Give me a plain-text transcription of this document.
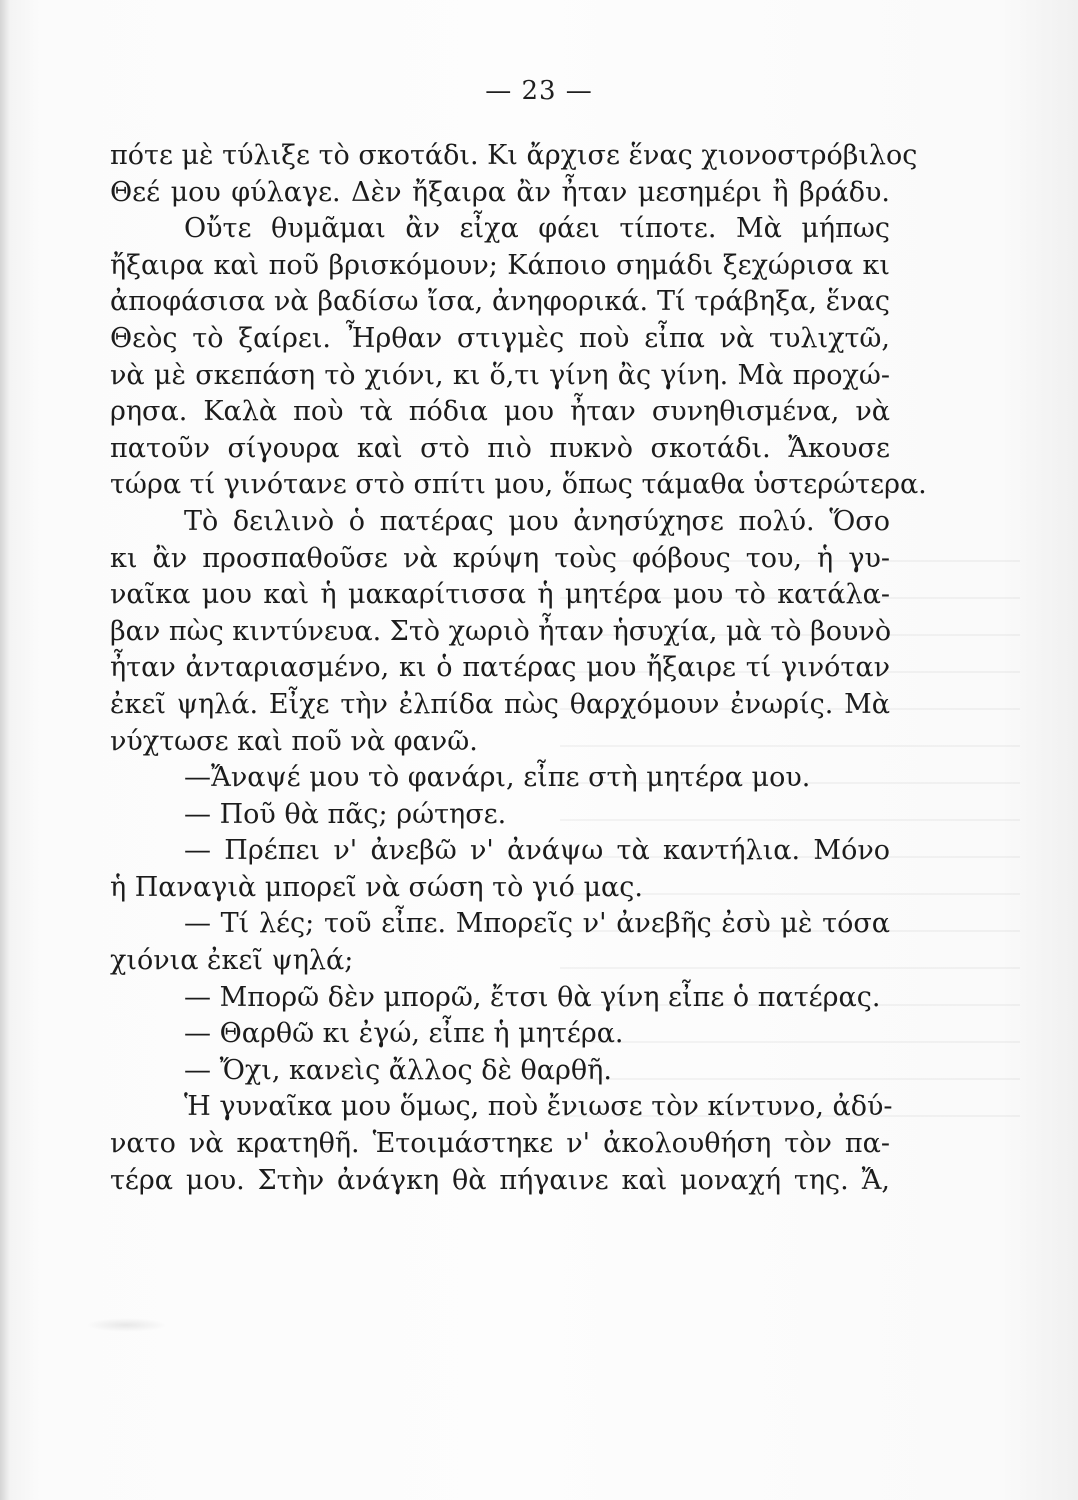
— 23 —
πότε μὲ τύλιξε τὸ σκοτάδι. Κι ἄρχισε ἕνας χιονοστρόβιλος
Θεέ μου φύλαγε. Δὲν ἤξαιρα ἂν ἦταν μεσημέρι ἢ βράδυ.
Οὔτε θυμᾶμαι ἂν εἶχα φάει τίποτε. Μὰ μήπως
ἤξαιρα καὶ ποῦ βρισκόμουν; Κάποιο σημάδι ξεχώρισα κι
ἀποφάσισα νὰ βαδίσω ἴσα, ἀνηφορικά. Τί τράβηξα, ἕνας
Θεὸς τὸ ξαίρει. Ἦρθαν στιγμὲς ποὺ εἶπα νὰ τυλιχτῶ,
νὰ μὲ σκεπάση τὸ χιόνι, κι ὅ,τι γίνη ἂς γίνη. Μὰ προχώ-
ρησα. Καλὰ ποὺ τὰ πόδια μου ἦταν συνηθισμένα, νὰ
πατοῦν σίγουρα καὶ στὸ πιὸ πυκνὸ σκοτάδι. Ἄκουσε
τώρα τί γινότανε στὸ σπίτι μου, ὅπως τάμαθα ὑστερώτερα.
Τὸ δειλινὸ ὁ πατέρας μου ἀνησύχησε πολύ. Ὅσο
κι ἂν προσπαθοῦσε νὰ κρύψη τοὺς φόβους του, ἡ γυ-
ναῖκα μου καὶ ἡ μακαρίτισσα ἡ μητέρα μου τὸ κατάλα-
βαν πὼς κιντύνευα. Στὸ χωριὸ ἦταν ἡσυχία, μὰ τὸ βουνὸ
ἦταν ἀνταριασμένο, κι ὁ πατέρας μου ἤξαιρε τί γινόταν
ἐκεῖ ψηλά. Εἶχε τὴν ἐλπίδα πὼς θαρχόμουν ἐνωρίς. Μὰ
νύχτωσε καὶ ποῦ νὰ φανῶ.
—Ἄναψέ μου τὸ φανάρι, εἶπε στὴ μητέρα μου.
— Ποῦ θὰ πᾶς; ρώτησε.
— Πρέπει ν' ἀνεβῶ ν' ἀνάψω τὰ καντήλια. Μόνο
ἡ Παναγιὰ μπορεῖ νὰ σώση τὸ γιό μας.
— Τί λές; τοῦ εἶπε. Μπορεῖς ν' ἀνεβῆς ἐσὺ μὲ τόσα
χιόνια ἐκεῖ ψηλά;
— Μπορῶ δὲν μπορῶ, ἔτσι θὰ γίνη εἶπε ὁ πατέρας.
— Θαρθῶ κι ἐγώ, εἶπε ἡ μητέρα.
— Ὄχι, κανεὶς ἄλλος δὲ θαρθῆ.
Ἡ γυναῖκα μου ὅμως, ποὺ ἔνιωσε τὸν κίντυνο, ἀδύ-
νατο νὰ κρατηθῆ. Ἑτοιμάστηκε ν' ἀκολουθήση τὸν πα-
τέρα μου. Στὴν ἀνάγκη θὰ πήγαινε καὶ μοναχή της. Ἄ,
